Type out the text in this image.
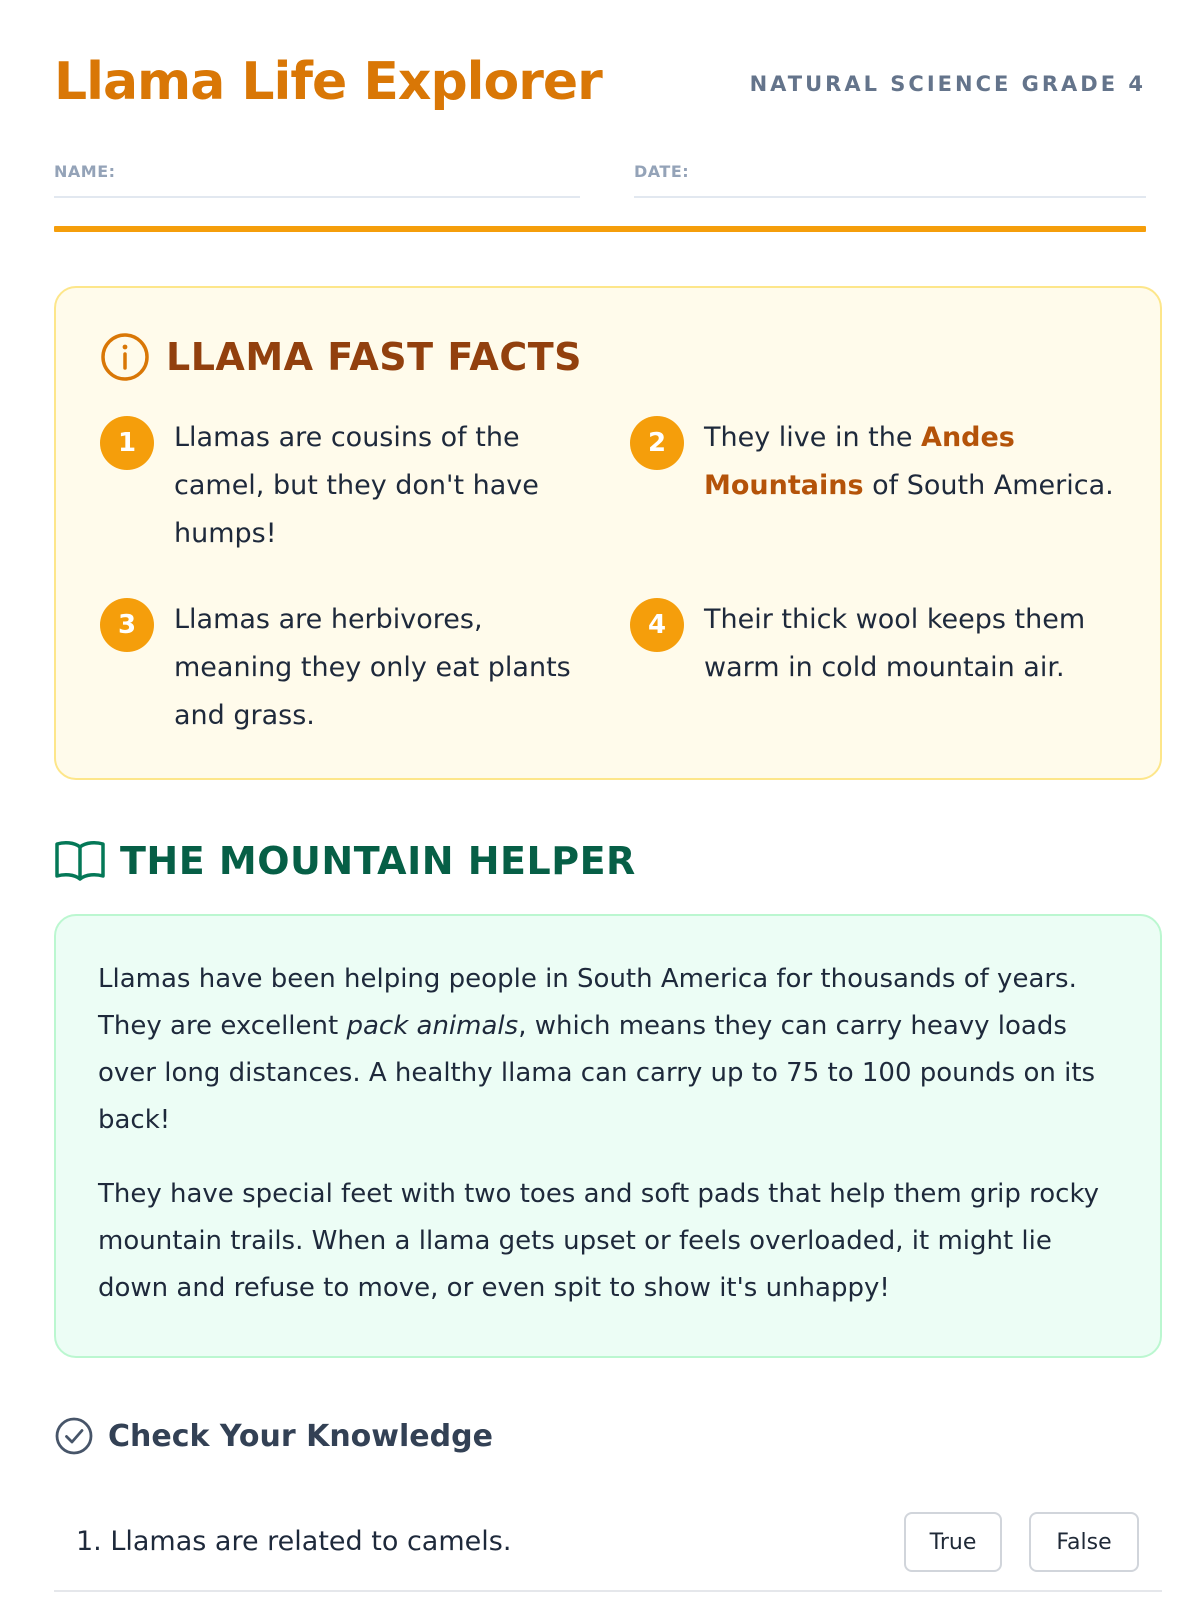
Llama Life Explorer	NATURAL SCIENCE GRADE 4
NAME:	DATE:
LLAMA FAST FACTS
1	Llamas are cousins of the camel, but they don't have humps!
2	They live in the Andes Mountains of South America.
3	Llamas are herbivores, meaning they only eat plants and grass.
4	Their thick wool keeps them warm in cold mountain air.
THE MOUNTAIN HELPER

Llamas have been helping people in South America for thousands of years. They are excellent pack animals, which means they can carry heavy loads over long distances. A healthy llama can carry up to 75 to 100 pounds on its back!

They have special feet with two toes and soft pads that help them grip rocky mountain trails. When a llama gets upset or feels overloaded, it might lie down and refuse to move, or even spit to show it's unhappy!

Check Your Knowledge
1. Llamas are related to camels.	True	False
